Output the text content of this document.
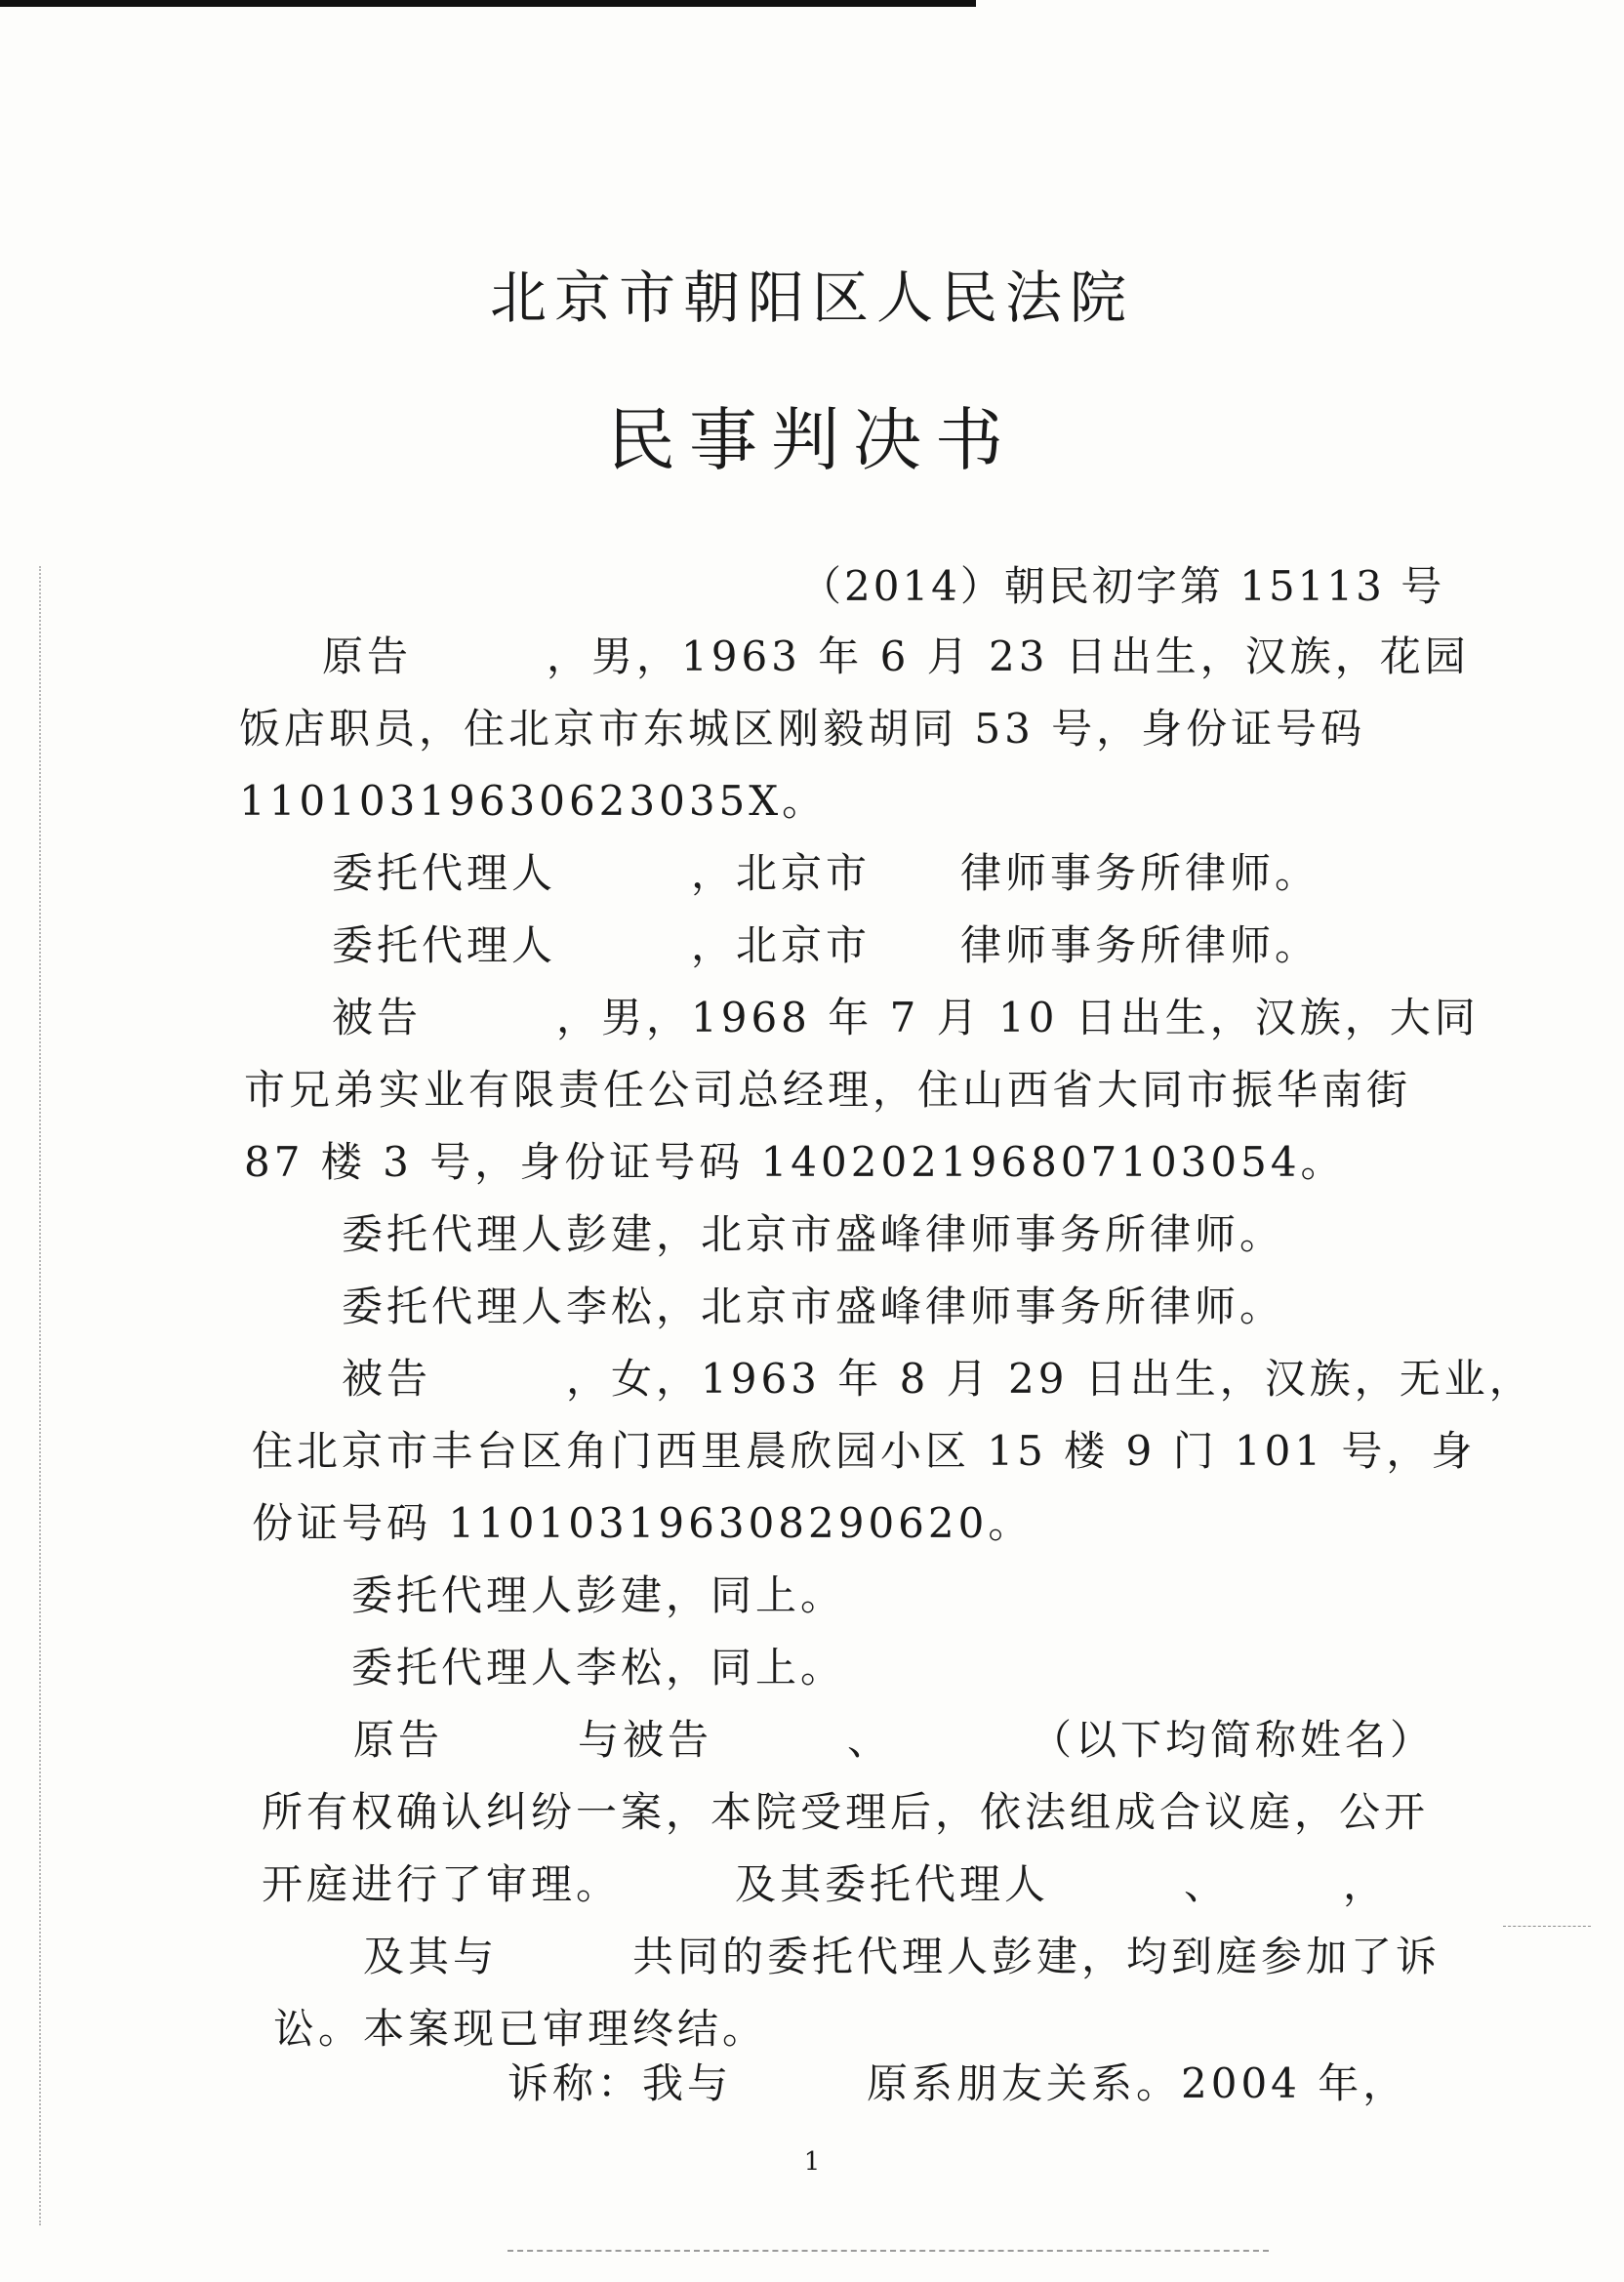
北京市朝阳区人民法院
民事判决书
（2014）朝民初字第 15113 号
原告　　　，男，1963 年 6 月 23 日出生，汉族，花园
饭店职员，住北京市东城区刚毅胡同 53 号，身份证号码
11010319630623035X。
委托代理人　　　，北京市　　律师事务所律师。
委托代理人　　　，北京市　　律师事务所律师。
被告　　　，男，1968 年 7 月 10 日出生，汉族，大同
市兄弟实业有限责任公司总经理，住山西省大同市振华南街
87 楼 3 号，身份证号码 140202196807103054。
委托代理人彭建，北京市盛峰律师事务所律师。
委托代理人李松，北京市盛峰律师事务所律师。
被告　　　，女，1963 年 8 月 29 日出生，汉族，无业，
住北京市丰台区角门西里晨欣园小区 15 楼 9 门 101 号，身
份证号码 110103196308290620。
委托代理人彭建，同上。
委托代理人李松，同上。
原告　　　与被告　　　、　　　　（以下均简称姓名）
所有权确认纠纷一案，本院受理后，依法组成合议庭，公开
开庭进行了审理。　　　及其委托代理人　　　、　　　，
及其与　　　共同的委托代理人彭建，均到庭参加了诉
讼。本案现已审理终结。
诉称：我与　　　原系朋友关系。2004 年，
1
